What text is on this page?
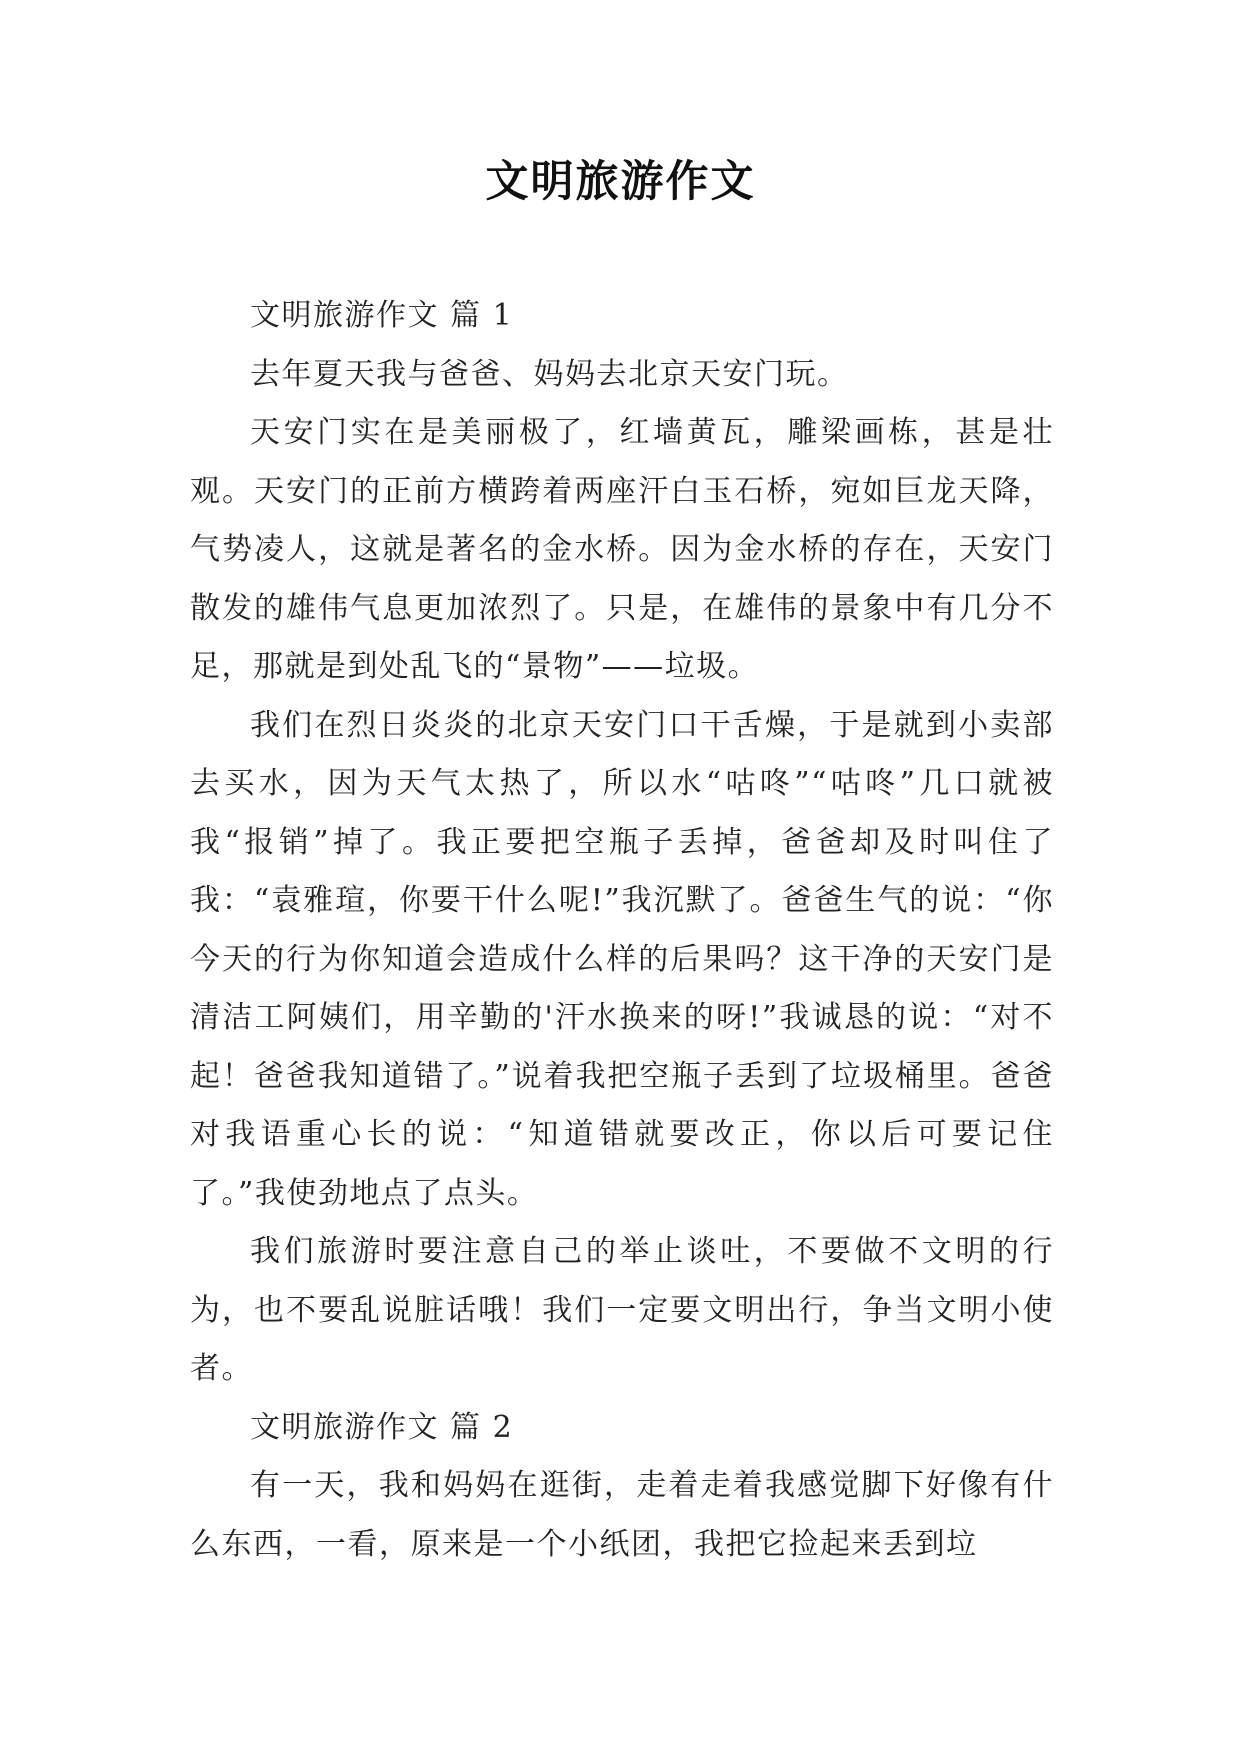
文明旅游作文

文明旅游作文 篇 1

去年夏天我与爸爸、妈妈去北京天安门玩。

天安门实在是美丽极了，红墙黄瓦，雕梁画栋，甚是壮观。天安门的正前方横跨着两座汗白玉石桥，宛如巨龙天降，气势凌人，这就是著名的金水桥。因为金水桥的存在，天安门散发的雄伟气息更加浓烈了。只是，在雄伟的景象中有几分不足，那就是到处乱飞的“景物”——垃圾。

我们在烈日炎炎的北京天安门口干舌燥，于是就到小卖部去买水，因为天气太热了，所以水“咕咚”“咕咚”几口就被我“报销”掉了。我正要把空瓶子丢掉，爸爸却及时叫住了我：“袁雅瑄，你要干什么呢!”我沉默了。爸爸生气的说：“你今天的行为你知道会造成什么样的后果吗？这干净的天安门是清洁工阿姨们，用辛勤的'汗水换来的呀!”我诚恳的说：“对不起！爸爸我知道错了。”说着我把空瓶子丢到了垃圾桶里。爸爸对我语重心长的说：“知道错就要改正，你以后可要记住了。”我使劲地点了点头。

我们旅游时要注意自己的举止谈吐，不要做不文明的行为，也不要乱说脏话哦！我们一定要文明出行，争当文明小使者。

文明旅游作文 篇 2

有一天，我和妈妈在逛街，走着走着我感觉脚下好像有什么东西，一看，原来是一个小纸团，我把它捡起来丢到垃
